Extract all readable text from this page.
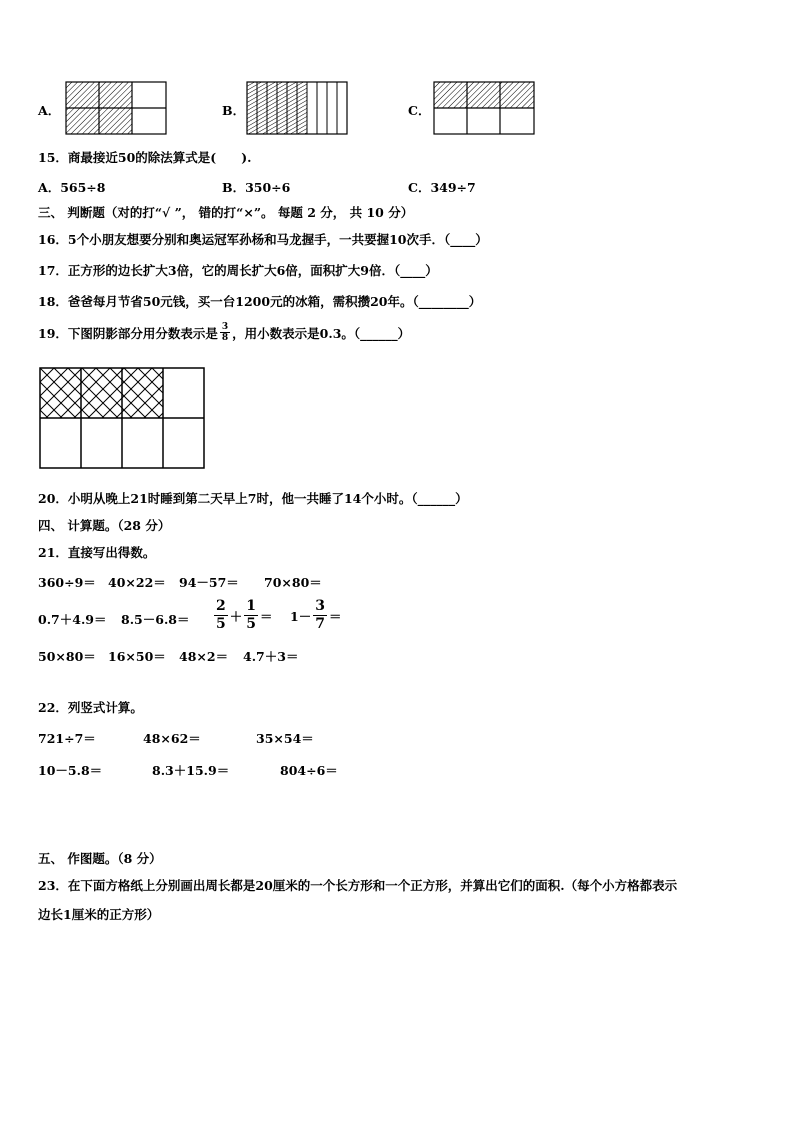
A．	B．	C．
15．商最接近50的除法算式是(　　).
A．565÷8	B．350÷6	C．349÷7
三、 判断题（对的打“√ ”， 错的打“×”。 每题 2 分， 共 10 分）
16．5个小朋友想要分别和奥运冠军孙杨和马龙握手，一共要握10次手．（____）
17．正方形的边长扩大3倍，它的周长扩大6倍，面积扩大9倍．（____）
18．爸爸每月节省50元钱，买一台1200元的冰箱，需积攒20年。（________）
19．下图阴影部分用分数表示是 $\frac{3}{8}$ ，用小数表示是0.3。（______）
20．小明从晚上21时睡到第二天早上7时，他一共睡了14个小时。（______）
四、 计算题。（28 分）
21．直接写出得数。
360÷9＝ 40×22＝ 94－57＝ 70×80＝
$0.7+4.9= 8.5-6.8= \frac{2}{5} + \frac{1}{5} = 1- \frac{3}{7}$ ＝
50×80＝ 16×50＝ 48×2＝ 4.7＋3＝
22．列竖式计算。
721÷7＝	48×62＝	35×54＝
10－5.8＝	8.3＋15.9＝	804÷6＝
五、 作图题。（8 分）
23．在下面方格纸上分别画出周长都是20厘米的一个长方形和一个正方形，并算出它们的面积.（每个小方格都表示
边长1厘米的正方形）
